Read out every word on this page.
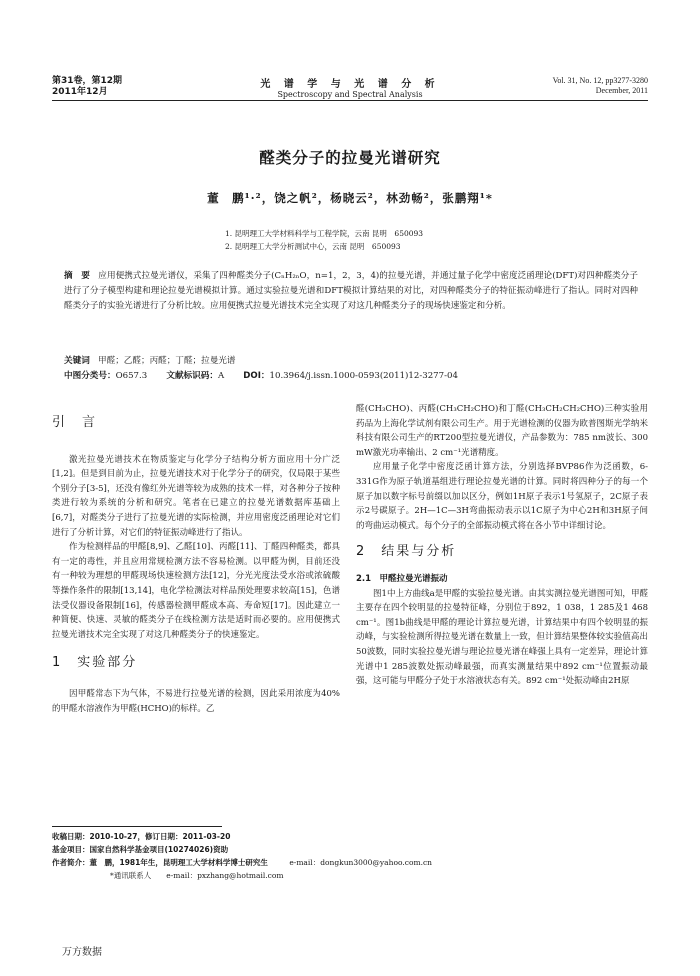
第31卷，第12期
2011年12月
光 谱 学 与 光 谱 分 析
Spectroscopy and Spectral Analysis
Vol. 31, No. 12, pp3277-3280
December, 2011
醛类分子的拉曼光谱研究
董　鹏¹·²，饶之帆²，杨晓云²，林劲畅²，张鹏翔¹*
1. 昆明理工大学材料科学与工程学院，云南 昆明　650093
2. 昆明理工大学分析测试中心，云南 昆明　650093
摘　要 应用便携式拉曼光谱仪，采集了四种醛类分子(CₙH₂ₙO，n=1，2，3，4)的拉曼光谱，并通过量子化学中密度泛函理论(DFT)对四种醛类分子进行了分子模型构建和理论拉曼光谱模拟计算。通过实验拉曼光谱和DFT模拟计算结果的对比，对四种醛类分子的特征振动峰进行了指认。同时对四种醛类分子的实验光谱进行了分析比较。应用便携式拉曼光谱技术完全实现了对这几种醛类分子的现场快速鉴定和分析。
关键词 甲醛；乙醛；丙醛；丁醛；拉曼光谱
中图分类号：O657.3 文献标识码：A DOI：10.3964/j.issn.1000-0593(2011)12-3277-04
引　言

激光拉曼光谱技术在物质鉴定与化学分子结构分析方面应用十分广泛[1,2]。但是到目前为止，拉曼光谱技术对于化学分子的研究，仅局限于某些个别分子[3-5]，还没有像红外光谱等较为成熟的技术一样，对各种分子按种类进行较为系统的分析和研究。笔者在已建立的拉曼光谱数据库基础上[6,7]，对醛类分子进行了拉曼光谱的实际检测，并应用密度泛函理论对它们进行了分析计算，对它们的特征振动峰进行了指认。

作为检测样品的甲醛[8,9]、乙醛[10]、丙醛[11]、丁醛四种醛类，都具有一定的毒性，并且应用常规检测方法不容易检测。以甲醛为例，目前还没有一种较为理想的甲醛现场快速检测方法[12]，分光光度法受水浴或浓硫酸等操作条件的限制[13,14]，电化学检测法对样品预处理要求较高[15]，色谱法受仪器设备限制[16]，传感器检测甲醛成本高、寿命短[17]。因此建立一种简便、快速、灵敏的醛类分子在线检测方法是适时而必要的。应用便携式拉曼光谱技术完全实现了对这几种醛类分子的快速鉴定。

1　实验部分

因甲醛常态下为气体，不易进行拉曼光谱的检测，因此采用浓度为40%的甲醛水溶液作为甲醛(HCHO)的标样。乙

醛(CH₃CHO)、丙醛(CH₃CH₂CHO)和丁醛(CH₃CH₂CH₂CHO)三种实验用药品为上海化学试剂有限公司生产。用于光谱检测的仪器为欧普图斯光学纳米科技有限公司生产的RT200型拉曼光谱仪，产品参数为：785 nm波长、300 mW激光功率输出、2 cm⁻¹光谱精度。

应用量子化学中密度泛函计算方法，分别选择BVP86作为泛函数，6-331G作为原子轨道基组进行理论拉曼光谱的计算。同时将四种分子的每一个原子加以数字标号前缀以加以区分，例如1H原子表示1号氢原子，2C原子表示2号碳原子。2H—1C—3H弯曲振动表示以1C原子为中心2H和3H原子间的弯曲运动模式。每个分子的全部振动模式将在各小节中详细讨论。

2　结果与分析
2.1　甲醛拉曼光谱振动

图1中上方曲线a是甲醛的实验拉曼光谱。由其实测拉曼光谱图可知，甲醛主要存在四个较明显的拉曼特征峰，分别位于892，1 038，1 285及1 468 cm⁻¹。图1b曲线是甲醛的理论计算拉曼光谱，计算结果中有四个较明显的振动峰，与实验检测所得拉曼光谱在数量上一致，但计算结果整体较实验值高出50波数，同时实验拉曼光谱与理论拉曼光谱在峰强上具有一定差异，理论计算光谱中1 285波数处振动峰最强，而真实测量结果中892 cm⁻¹位置振动最强，这可能与甲醛分子处于水溶液状态有关。892 cm⁻¹处振动峰由2H原

收稿日期：2010-10-27，修订日期：2011-03-20
基金项目：国家自然科学基金项目(10274026)资助
作者简介：董　鹏，1981年生，昆明理工大学材料学博士研究生	e-mail：dongkun3000@yahoo.com.cn
*通讯联系人　　e-mail：pxzhang@hotmail.com
万方数据
